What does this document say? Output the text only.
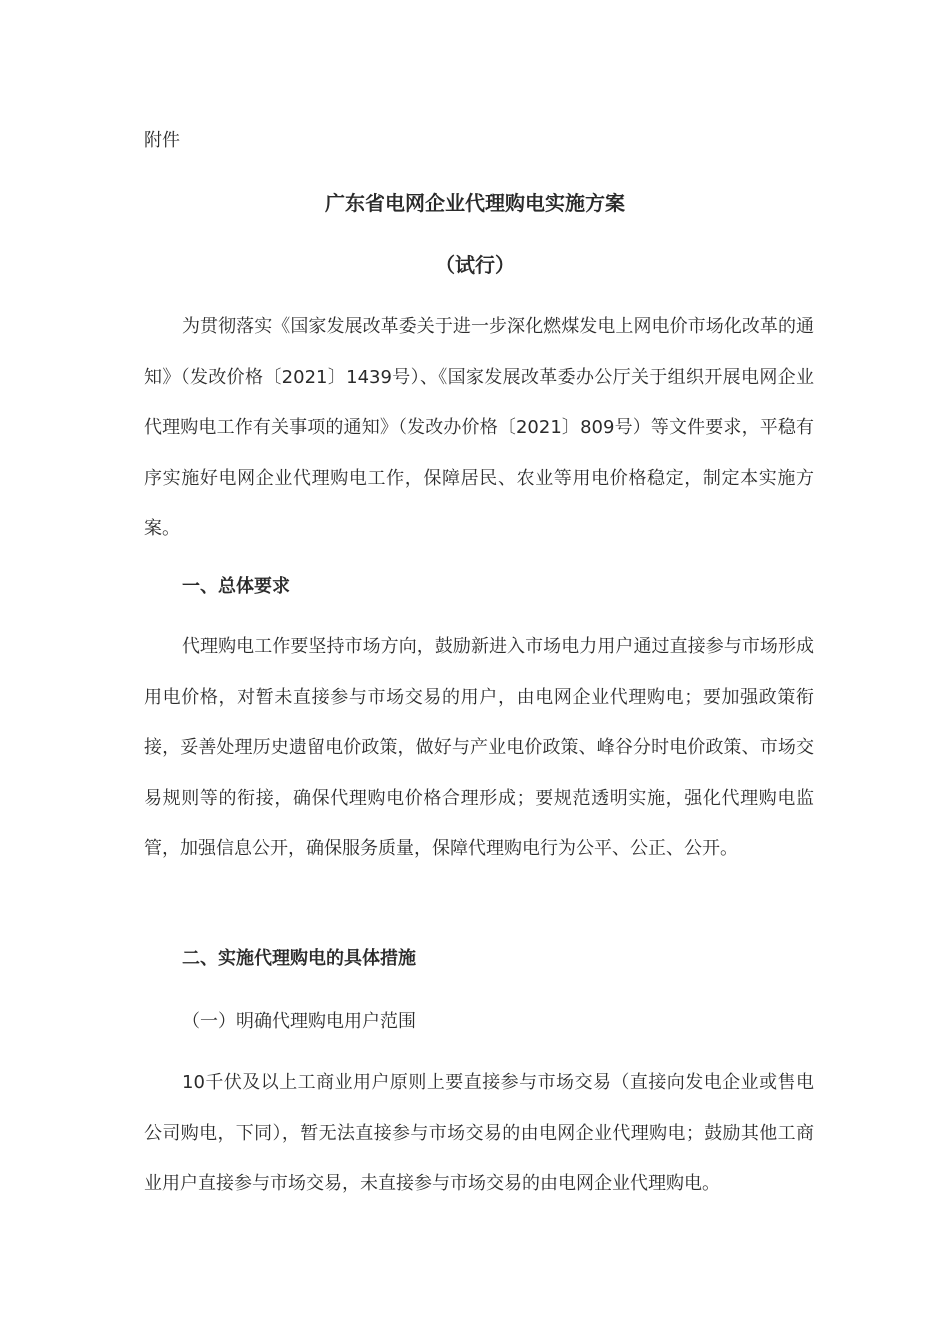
附件
广东省电网企业代理购电实施方案
（试行）

为贯彻落实《国家发展改革委关于进一步深化燃煤发电上网电价市场化改革的通知》（发改价格〔2021〕1439号）、《国家发展改革委办公厅关于组织开展电网企业代理购电工作有关事项的通知》（发改办价格〔2021〕809号）等文件要求，平稳有序实施好电网企业代理购电工作，保障居民、农业等用电价格稳定，制定本实施方案。

一、总体要求

代理购电工作要坚持市场方向，鼓励新进入市场电力用户通过直接参与市场形成用电价格，对暂未直接参与市场交易的用户，由电网企业代理购电；要加强政策衔接，妥善处理历史遗留电价政策，做好与产业电价政策、峰谷分时电价政策、市场交易规则等的衔接，确保代理购电价格合理形成；要规范透明实施，强化代理购电监管，加强信息公开，确保服务质量，保障代理购电行为公平、公正、公开。

二、实施代理购电的具体措施

（一）明确代理购电用户范围

10千伏及以上工商业用户原则上要直接参与市场交易（直接向发电企业或售电公司购电，下同），暂无法直接参与市场交易的由电网企业代理购电；鼓励其他工商业用户直接参与市场交易，未直接参与市场交易的由电网企业代理购电。
